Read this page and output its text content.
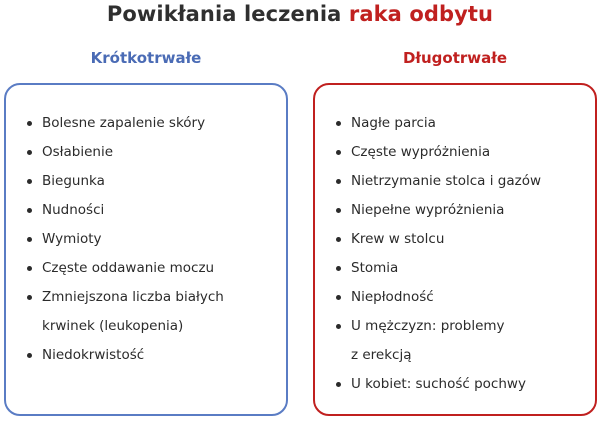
Powikłania leczenia raka odbytu
Krótkotrwałe	Długotrwałe
Bolesne zapalenie skóry
Osłabienie
Biegunka
Nudności
Wymioty
Częste oddawanie moczu
Zmniejszona liczba białych
krwinek (leukopenia)
Niedokrwistość
Nagłe parcia
Częste wypróżnienia
Nietrzymanie stolca i gazów
Niepełne wypróżnienia
Krew w stolcu
Stomia
Niepłodność
U mężczyzn: problemy
z erekcją
U kobiet: suchość pochwy
